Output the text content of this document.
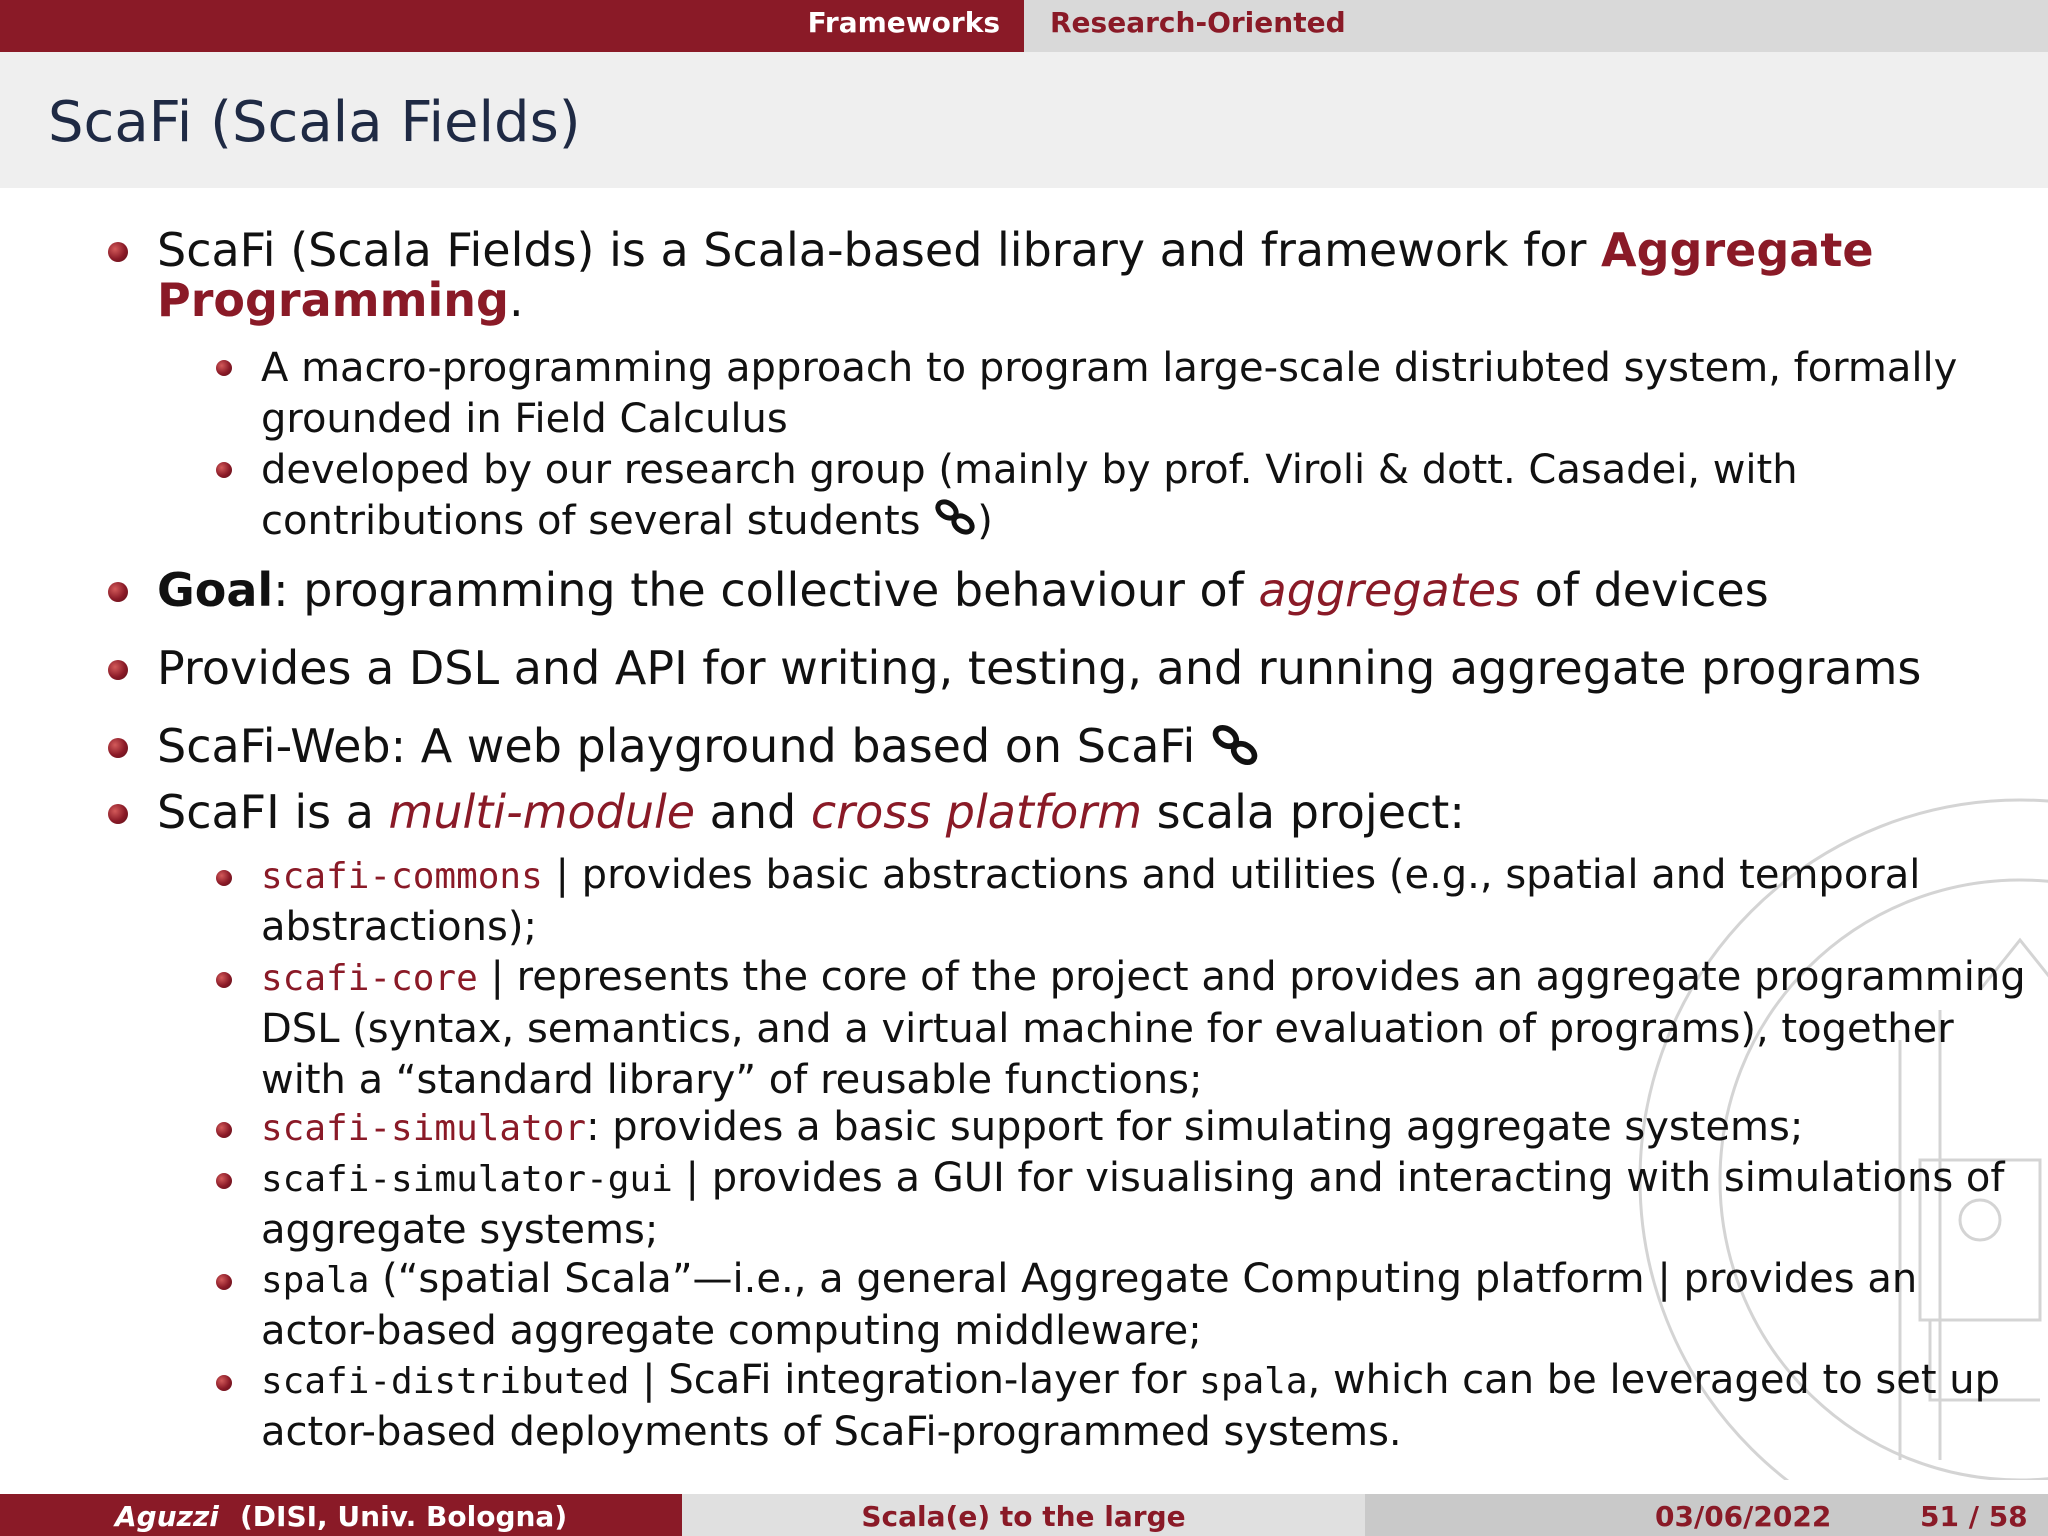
Frameworks Research-Oriented
ScaFi (Scala Fields)
ScaFi (Scala Fields) is a Scala-based library and framework for Aggregate Programming.
A macro-programming approach to program large-scale distriubted system, formally grounded in Field Calculus
developed by our research group (mainly by prof. Viroli & dott. Casadei, with contributions of several students )
Goal: programming the collective behaviour of aggregates of devices
Provides a DSL and API for writing, testing, and running aggregate programs
ScaFi-Web: A web playground based on ScaFi
ScaFI is a multi-module and cross platform scala project:
scafi-commons | provides basic abstractions and utilities (e.g., spatial and temporal abstractions);
scafi-core | represents the core of the project and provides an aggregate programming DSL (syntax, semantics, and a virtual machine for evaluation of programs), together with a “standard library” of reusable functions;
scafi-simulator: provides a basic support for simulating aggregate systems;
scafi-simulator-gui | provides a GUI for visualising and interacting with simulations of aggregate systems;
spala (“spatial Scala”—i.e., a general Aggregate Computing platform | provides an actor-based aggregate computing middleware;
scafi-distributed | ScaFi integration-layer for spala, which can be leveraged to set up actor-based deployments of ScaFi-programmed systems.
Aguzzi (DISI, Univ. Bologna)	Scala(e) to the large	03/06/2022	51 / 58
